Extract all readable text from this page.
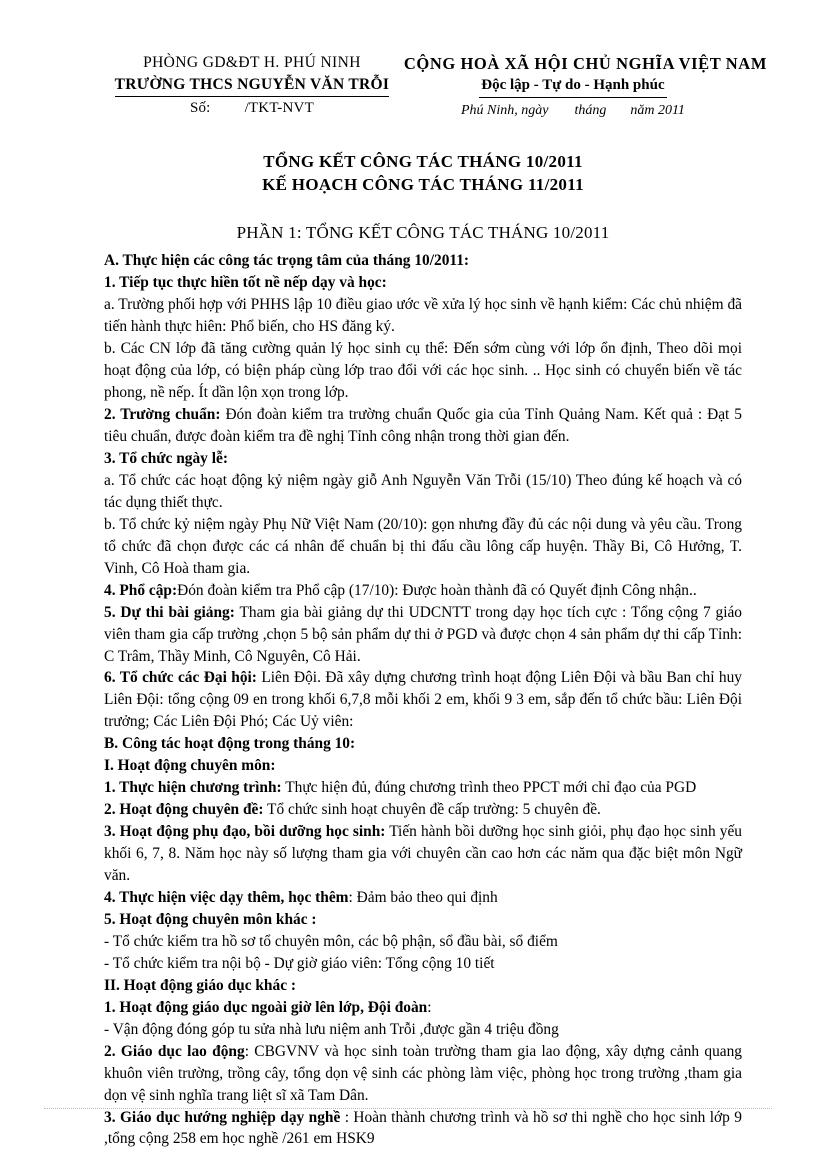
PHÒNG GD&ĐT H. PHÚ NINH
TRƯỜNG THCS NGUYỄN VĂN TRỖI
Số: /TKT-NVT
CỘNG HOÀ XÃ HỘI CHỦ NGHĨA VIỆT NAM
Độc lập - Tự do - Hạnh phúc
Phú Ninh, ngày tháng năm 2011
TỔNG KẾT CÔNG TÁC THÁNG 10/2011
KẾ HOẠCH CÔNG TÁC THÁNG 11/2011
PHẦN 1: TỔNG KẾT CÔNG TÁC THÁNG 10/2011

A. Thực hiện các công tác trọng tâm của tháng 10/2011:

1. Tiếp tục thực hiền tốt nề nếp dạy và học:

a. Trường phối hợp với PHHS lập 10 điều giao ước về xửa lý học sinh về hạnh kiểm: Các chủ nhiệm đã tiến hành thực hiên: Phổ biến, cho HS đăng ký.

b. Các CN lớp đã tăng cường quản lý học sinh cụ thể: Đến sớm cùng với lớp ổn định, Theo dõi mọi hoạt động của lớp, có biện pháp cùng lớp trao đổi với các học sinh. .. Học sinh có chuyển biến về tác phong, nề nếp. Ít dần lộn xọn trong lớp.

2. Trường chuẩn: Đón đoàn kiểm tra trường chuẩn Quốc gia của Tỉnh Quảng Nam. Kết quả : Đạt 5 tiêu chuẩn, được đoàn kiểm tra đề nghị Tỉnh công nhận trong thời gian đến.

3. Tổ chức ngày lễ:

a. Tổ chức các hoạt động kỷ niệm ngày giỗ Anh Nguyễn Văn Trỗi (15/10) Theo đúng kế hoạch và có tác dụng thiết thực.

b. Tổ chức kỷ niệm ngày Phụ Nữ Việt Nam (20/10): gọn nhưng đầy đủ các nội dung và yêu cầu. Trong tổ chức đã chọn được các cá nhân để chuẩn bị thi đấu cầu lông cấp huyện. Thầy Bi, Cô Hưởng, T. Vinh, Cô Hoà tham gia.

4. Phổ cập:Đón đoàn kiểm tra Phổ cập (17/10): Được hoàn thành đã có Quyết định Công nhận..

5. Dự thi bài giảng: Tham gia bài giảng dự thi UDCNTT trong dạy học tích cực : Tổng cộng 7 giáo viên tham gia cấp trường ,chọn 5 bộ sản phẩm dự thi ở PGD và được chọn 4 sản phẩm dự thi cấp Tỉnh: C Trâm, Thầy Minh, Cô Nguyên, Cô Hải.

6. Tổ chức các Đại hội: Liên Đội. Đã xây dựng chương trình hoạt động Liên Đội và bầu Ban chỉ huy Liên Đội: tổng cộng 09 en trong khối 6,7,8 mỗi khối 2 em, khối 9 3 em, sắp đến tổ chức bầu: Liên Đội trưởng; Các Liên Đội Phó; Các Uỷ viên:

B. Công tác hoạt động trong tháng 10:

I. Hoạt động chuyên môn:

1. Thực hiện chương trình: Thực hiện đủ, đúng chương trình theo PPCT mới chỉ đạo của PGD

2. Hoạt động chuyên đề: Tổ chức sinh hoạt chuyên đề cấp trường: 5 chuyên đề.

3. Hoạt động phụ đạo, bồi dưỡng học sinh: Tiến hành bồi dưỡng học sinh giỏi, phụ đạo học sinh yếu khối 6, 7, 8. Năm học này số lượng tham gia với chuyên cần cao hơn các năm qua đặc biệt môn Ngữ văn.

4. Thực hiện việc dạy thêm, học thêm: Đảm bảo theo qui định

5. Hoạt động chuyên môn khác :

- Tổ chức kiểm tra hồ sơ tổ chuyên môn, các bộ phận, sổ đầu bài, sổ điểm

- Tổ chức kiểm tra nội bộ - Dự giờ giáo viên: Tổng cộng 10 tiết

II. Hoạt động giáo dục khác :

1. Hoạt động giáo dục ngoài giờ lên lớp, Đội đoàn:

- Vận động đóng góp tu sửa nhà lưu niệm anh Trỗi ,được gần 4 triệu đồng

2. Giáo dục lao động: CBGVNV và học sinh toàn trường tham gia lao động, xây dựng cảnh quang khuôn viên trường, trồng cây, tổng dọn vệ sinh các phòng làm việc, phòng học trong trường ,tham gia dọn vệ sinh nghĩa trang liệt sĩ xã Tam Dân.

3. Giáo dục hướng nghiệp dạy nghề : Hoàn thành chương trình và hồ sơ thi nghề cho học sinh lớp 9 ,tổng cộng 258 em học nghề /261 em HSK9
